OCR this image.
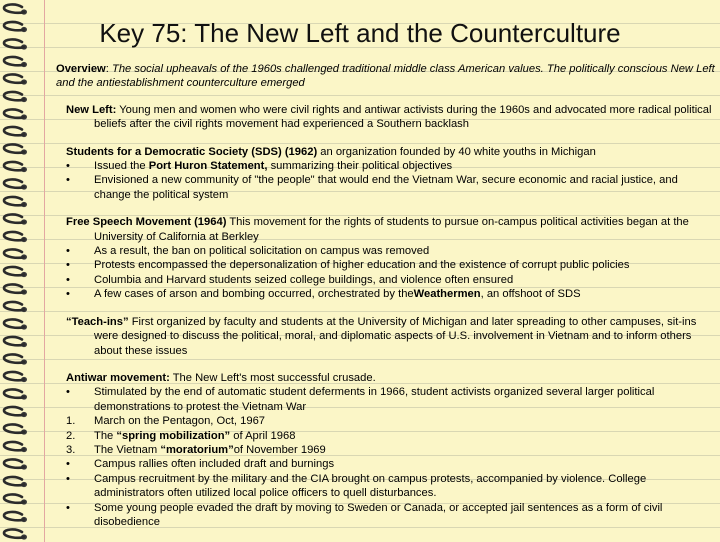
Key 75: The New Left and the Counterculture
Overview: The social upheavals of the 1960s challenged traditional middle class American values. The politically conscious New Left and the antiestablishment counterculture emerged
New Left: Young men and women who were civil rights and antiwar activists during the 1960s and advocated more radical political beliefs after the civil rights movement had experienced a Southern backlash
Students for a Democratic Society (SDS) (1962) an organization founded by 40 white youths in Michigan
• Issued the Port Huron Statement, summarizing their political objectives
• Envisioned a new community of "the people" that would end the Vietnam War, secure economic and racial justice, and change the political system
Free Speech Movement (1964) This movement for the rights of students to pursue on-campus political activities began at the University of California at Berkley
• As a result, the ban on political solicitation on campus was removed
• Protests encompassed the depersonalization of higher education and the existence of corrupt public policies
• Columbia and Harvard students seized college buildings, and violence often ensured
• A few cases of arson and bombing occurred, orchestrated by theWeathermen, an offshoot of SDS
“Teach-ins” First organized by faculty and students at the University of Michigan and later spreading to other campuses, sit-ins were designed to discuss the political, moral, and diplomatic aspects of U.S. involvement in Vietnam and to inform others about these issues
Antiwar movement: The New Left's most successful crusade.
• Stimulated by the end of automatic student deferments in 1966, student activists organized several larger political demonstrations to protest the Vietnam War
1. March on the Pentagon, Oct, 1967
2. The “spring mobilization” of April 1968
3. The Vietnam “moratorium”of November 1969
• Campus rallies often included draft and burnings
• Campus recruitment by the military and the CIA brought on campus protests, accompanied by violence. College administrators often utilized local police officers to quell disturbances.
• Some young people evaded the draft by moving to Sweden or Canada, or accepted jail sentences as a form of civil disobedience
